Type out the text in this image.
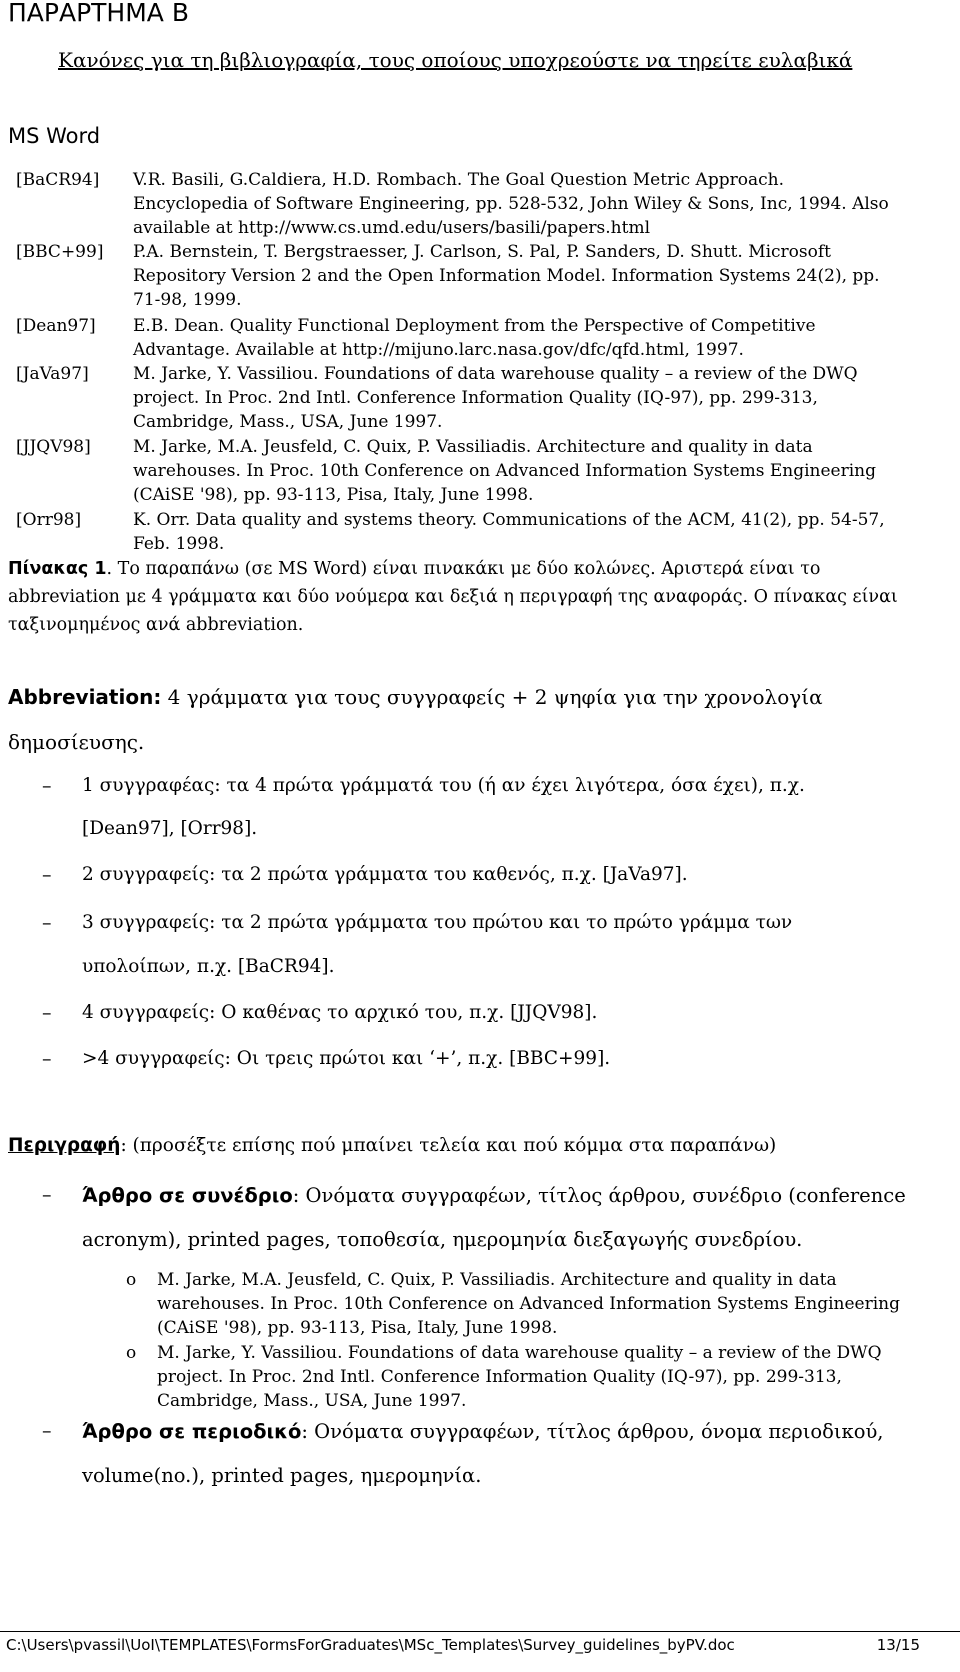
ΠΑΡΑΡΤΗΜΑ Β
Κανόνες για τη βιβλιογραφία, τους οποίους υποχρεούστε να τηρείτε ευλαβικά
MS Word
[BaCR94] V.R. Basili, G.Caldiera, H.D. Rombach. The Goal Question Metric Approach.
Encyclopedia of Software Engineering, pp. 528-532, John Wiley & Sons, Inc, 1994. Also
available at http://www.cs.umd.edu/users/basili/papers.html
[BBC+99] P.A. Bernstein, T. Bergstraesser, J. Carlson, S. Pal, P. Sanders, D. Shutt. Microsoft
Repository Version 2 and the Open Information Model. Information Systems 24(2), pp.
71-98, 1999.
[Dean97] E.B. Dean. Quality Functional Deployment from the Perspective of Competitive
Advantage. Available at http://mijuno.larc.nasa.gov/dfc/qfd.html, 1997.
[JaVa97]	M. Jarke, Y. Vassiliou. Foundations of data warehouse quality – a review of the DWQ
project. In Proc. 2nd Intl. Conference Information Quality (IQ-97), pp. 299-313,
Cambridge, Mass., USA, June 1997.
[JJQV98] M. Jarke, M.A. Jeusfeld, C. Quix, P. Vassiliadis. Architecture and quality in data
warehouses. In Proc. 10th Conference on Advanced Information Systems Engineering
(CAiSE '98), pp. 93-113, Pisa, Italy, June 1998.
[Orr98]	K. Orr. Data quality and systems theory. Communications of the ACM, 41(2), pp. 54-57,
Feb. 1998.
Πίνακας 1. Το παραπάνω (σε MS Word) είναι πινακάκι με δύο κολώνες. Αριστερά είναι το
abbreviation με 4 γράμματα και δύο νούμερα και δεξιά η περιγραφή της αναφοράς. Ο πίνακας είναι
ταξινομημένος ανά abbreviation.
Abbreviation: 4 γράμματα για τους συγγραφείς + 2 ψηφία για την χρονολογία
δημοσίευσης.
– 1 συγγραφέας: τα 4 πρώτα γράμματά του (ή αν έχει λιγότερα, όσα έχει), π.χ.
[Dean97], [Orr98].
– 2 συγγραφείς: τα 2 πρώτα γράμματα του καθενός, π.χ. [JaVa97].
– 3 συγγραφείς: τα 2 πρώτα γράμματα του πρώτου και το πρώτο γράμμα των
υπολοίπων, π.χ. [BaCR94].
– 4 συγγραφείς: Ο καθένας το αρχικό του, π.χ. [JJQV98].
– >4 συγγραφείς: Οι τρεις πρώτοι και ‘+’, π.χ. [BBC+99].
Περιγραφή: (προσέξτε επίσης πού μπαίνει τελεία και πού κόμμα στα παραπάνω)
– Άρθρο σε συνέδριο: Ονόματα συγγραφέων, τίτλος άρθρου, συνέδριο (conference
acronym), printed pages, τοποθεσία, ημερομηνία διεξαγωγής συνεδρίου.
o M. Jarke, M.A. Jeusfeld, C. Quix, P. Vassiliadis. Architecture and quality in data
warehouses. In Proc. 10th Conference on Advanced Information Systems Engineering
(CAiSE '98), pp. 93-113, Pisa, Italy, June 1998.
o M. Jarke, Y. Vassiliou. Foundations of data warehouse quality – a review of the DWQ
project. In Proc. 2nd Intl. Conference Information Quality (IQ-97), pp. 299-313,
Cambridge, Mass., USA, June 1997.
– Άρθρο σε περιοδικό: Ονόματα συγγραφέων, τίτλος άρθρου, όνομα περιοδικού,
volume(no.), printed pages, ημερομηνία.
C:\Users\pvassil\UoI\TEMPLATES\FormsForGraduates\MSc_Templates\Survey_guidelines_byPV.doc	13/15
